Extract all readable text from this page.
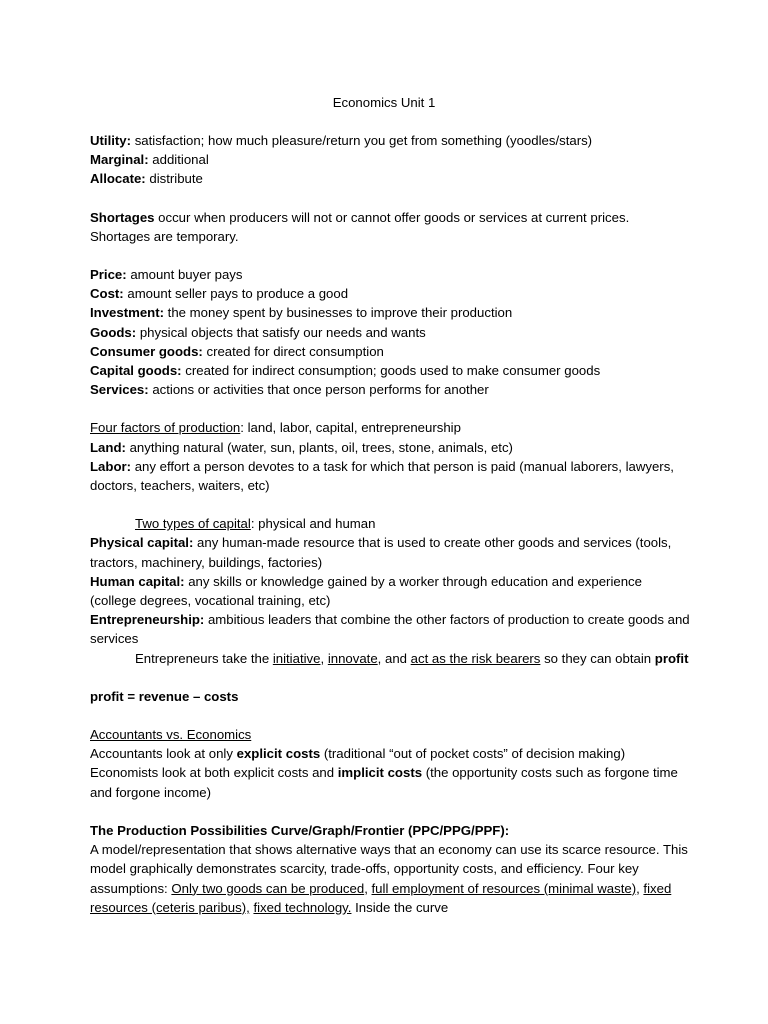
Economics Unit 1

Utility: satisfaction; how much pleasure/return you get from something (yoodles/stars)

Marginal: additional

Allocate: distribute

Shortages occur when producers will not or cannot offer goods or services at current prices. Shortages are temporary.

Price: amount buyer pays

Cost: amount seller pays to produce a good

Investment: the money spent by businesses to improve their production

Goods: physical objects that satisfy our needs and wants

Consumer goods: created for direct consumption

Capital goods: created for indirect consumption; goods used to make consumer goods

Services: actions or activities that once person performs for another

Four factors of production: land, labor, capital, entrepreneurship

Land: anything natural (water, sun, plants, oil, trees, stone, animals, etc)

Labor: any effort a person devotes to a task for which that person is paid (manual laborers, lawyers, doctors, teachers, waiters, etc)

Two types of capital: physical and human

Physical capital: any human-made resource that is used to create other goods and services (tools, tractors, machinery, buildings, factories)

Human capital: any skills or knowledge gained by a worker through education and experience (college degrees, vocational training, etc)

Entrepreneurship: ambitious leaders that combine the other factors of production to create goods and services

Entrepreneurs take the initiative, innovate, and act as the risk bearers so they can obtain profit

profit = revenue – costs

Accountants vs. Economics

Accountants look at only explicit costs (traditional “out of pocket costs” of decision making)

Economists look at both explicit costs and implicit costs (the opportunity costs such as forgone time and forgone income)

The Production Possibilities Curve/Graph/Frontier (PPC/PPG/PPF):

A model/representation that shows alternative ways that an economy can use its scarce resource. This model graphically demonstrates scarcity, trade-offs, opportunity costs, and efficiency. Four key assumptions: Only two goods can be produced, full employment of resources (minimal waste), fixed resources (ceteris paribus), fixed technology. Inside the curve
